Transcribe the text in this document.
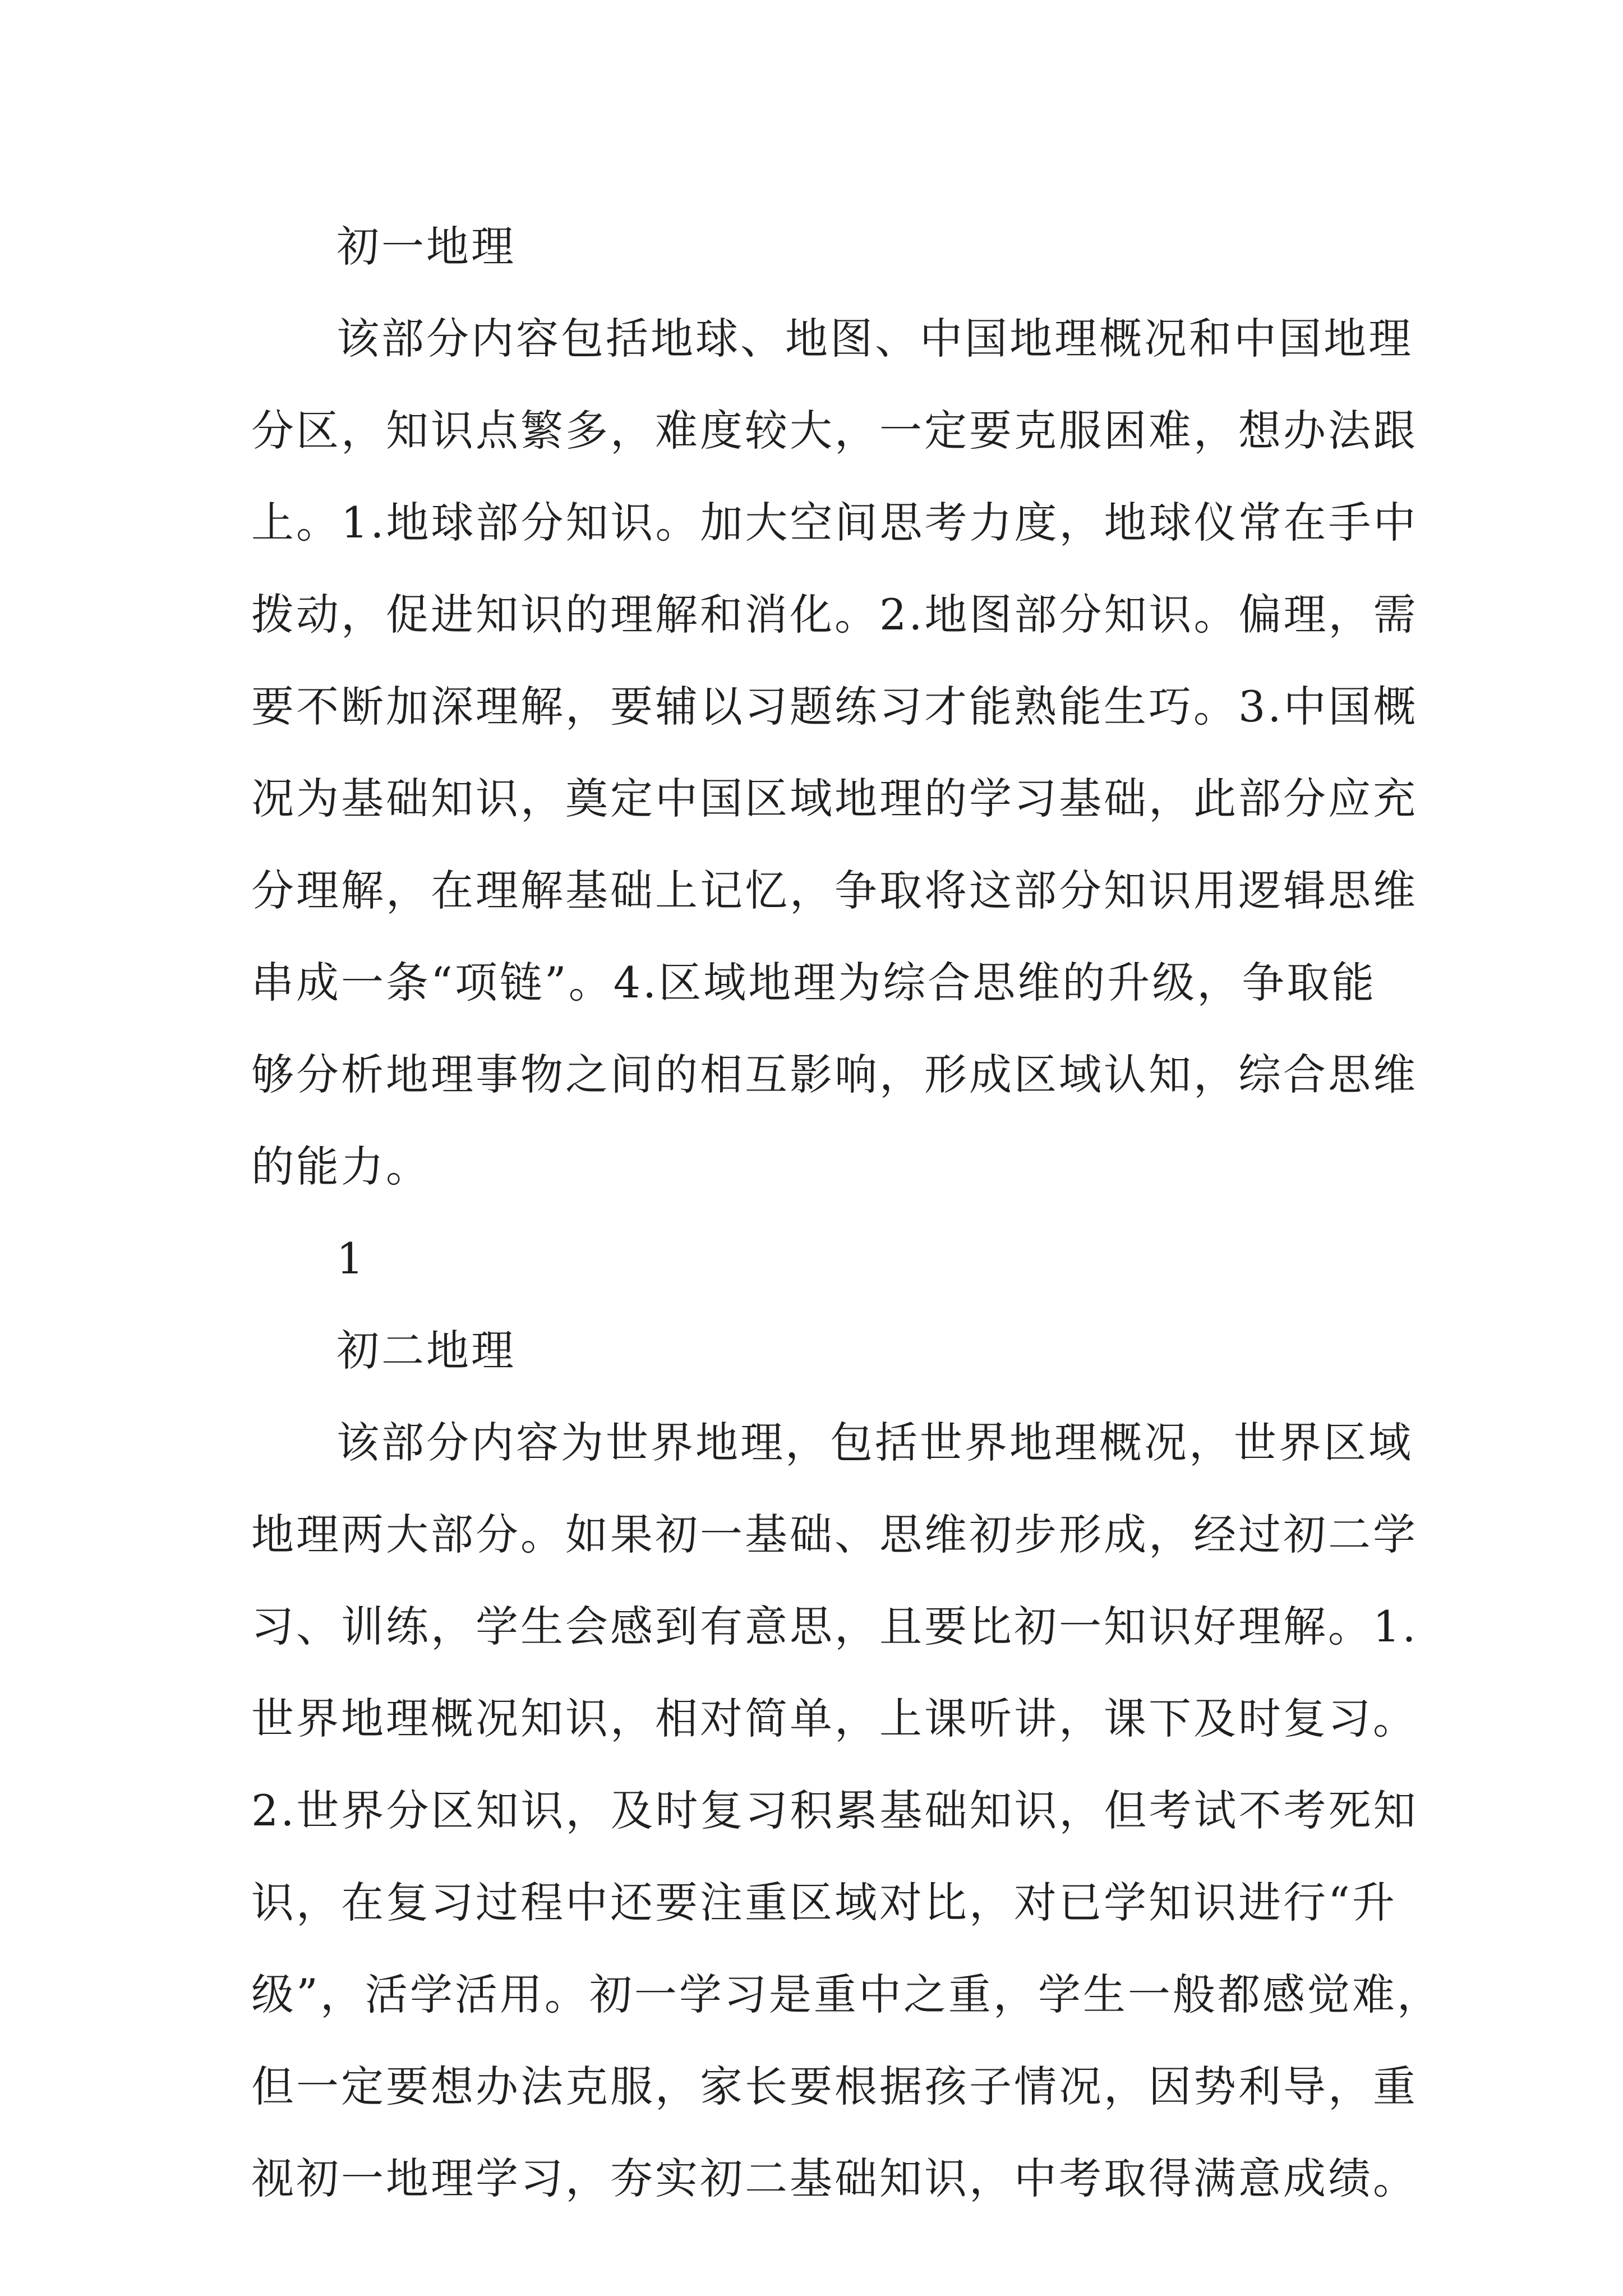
初一地理
该部分内容包括地球、地图、中国地理概况和中国地理
分区，知识点繁多，难度较大，一定要克服困难，想办法跟
上。1.地球部分知识。加大空间思考力度，地球仪常在手中
拨动，促进知识的理解和消化。2.地图部分知识。偏理，需
要不断加深理解，要辅以习题练习才能熟能生巧。3.中国概
况为基础知识，奠定中国区域地理的学习基础，此部分应充
分理解，在理解基础上记忆，争取将这部分知识用逻辑思维
串成一条“项链”。4.区域地理为综合思维的升级，争取能
够分析地理事物之间的相互影响，形成区域认知，综合思维
的能力。
1
初二地理
该部分内容为世界地理，包括世界地理概况，世界区域
地理两大部分。如果初一基础、思维初步形成，经过初二学
习、训练，学生会感到有意思，且要比初一知识好理解。1.
世界地理概况知识，相对简单，上课听讲，课下及时复习。
2.世界分区知识，及时复习积累基础知识，但考试不考死知
识，在复习过程中还要注重区域对比，对已学知识进行“升
级”，活学活用。初一学习是重中之重，学生一般都感觉难，
但一定要想办法克服，家长要根据孩子情况，因势利导，重
视初一地理学习，夯实初二基础知识，中考取得满意成绩。
